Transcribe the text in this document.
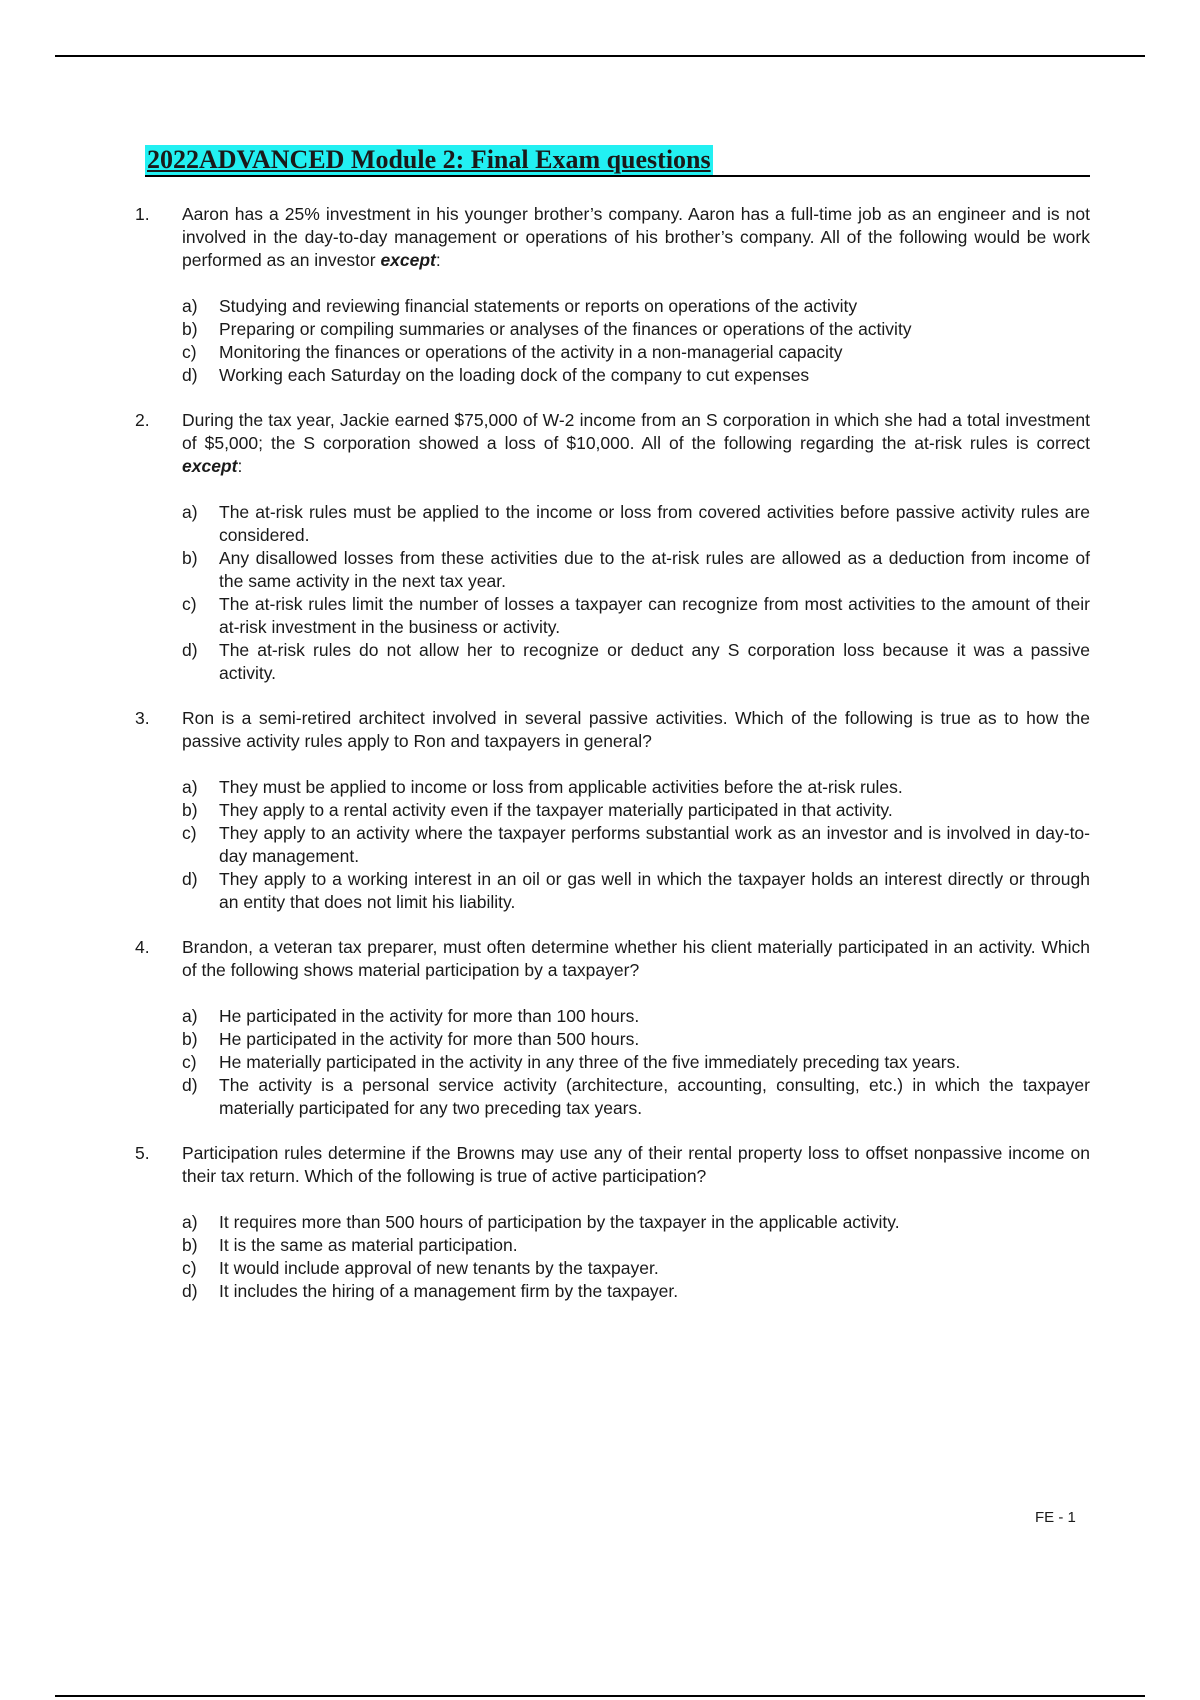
2022ADVANCED Module 2: Final Exam questions
1. Aaron has a 25% investment in his younger brother’s company. Aaron has a full-time job as an engineer and is not involved in the day-to-day management or operations of his brother’s company. All of the following would be work performed as an investor except:
a) Studying and reviewing financial statements or reports on operations of the activity
b) Preparing or compiling summaries or analyses of the finances or operations of the activity
c) Monitoring the finances or operations of the activity in a non-managerial capacity
d) Working each Saturday on the loading dock of the company to cut expenses
2. During the tax year, Jackie earned $75,000 of W-2 income from an S corporation in which she had a total investment of $5,000; the S corporation showed a loss of $10,000. All of the following regarding the at-risk rules is correct except:
a) The at-risk rules must be applied to the income or loss from covered activities before passive activity rules are considered.
b) Any disallowed losses from these activities due to the at-risk rules are allowed as a deduction from income of the same activity in the next tax year.
c) The at-risk rules limit the number of losses a taxpayer can recognize from most activities to the amount of their at-risk investment in the business or activity.
d) The at-risk rules do not allow her to recognize or deduct any S corporation loss because it was a passive activity.
3. Ron is a semi-retired architect involved in several passive activities. Which of the following is true as to how the passive activity rules apply to Ron and taxpayers in general?
a) They must be applied to income or loss from applicable activities before the at-risk rules.
b) They apply to a rental activity even if the taxpayer materially participated in that activity.
c) They apply to an activity where the taxpayer performs substantial work as an investor and is involved in day-to-day management.
d) They apply to a working interest in an oil or gas well in which the taxpayer holds an interest directly or through an entity that does not limit his liability.
4. Brandon, a veteran tax preparer, must often determine whether his client materially participated in an activity. Which of the following shows material participation by a taxpayer?
a) He participated in the activity for more than 100 hours.
b) He participated in the activity for more than 500 hours.
c) He materially participated in the activity in any three of the five immediately preceding tax years.
d) The activity is a personal service activity (architecture, accounting, consulting, etc.) in which the taxpayer materially participated for any two preceding tax years.
5. Participation rules determine if the Browns may use any of their rental property loss to offset nonpassive income on their tax return. Which of the following is true of active participation?
a) It requires more than 500 hours of participation by the taxpayer in the applicable activity.
b) It is the same as material participation.
c) It would include approval of new tenants by the taxpayer.
d) It includes the hiring of a management firm by the taxpayer.
FE - 1
